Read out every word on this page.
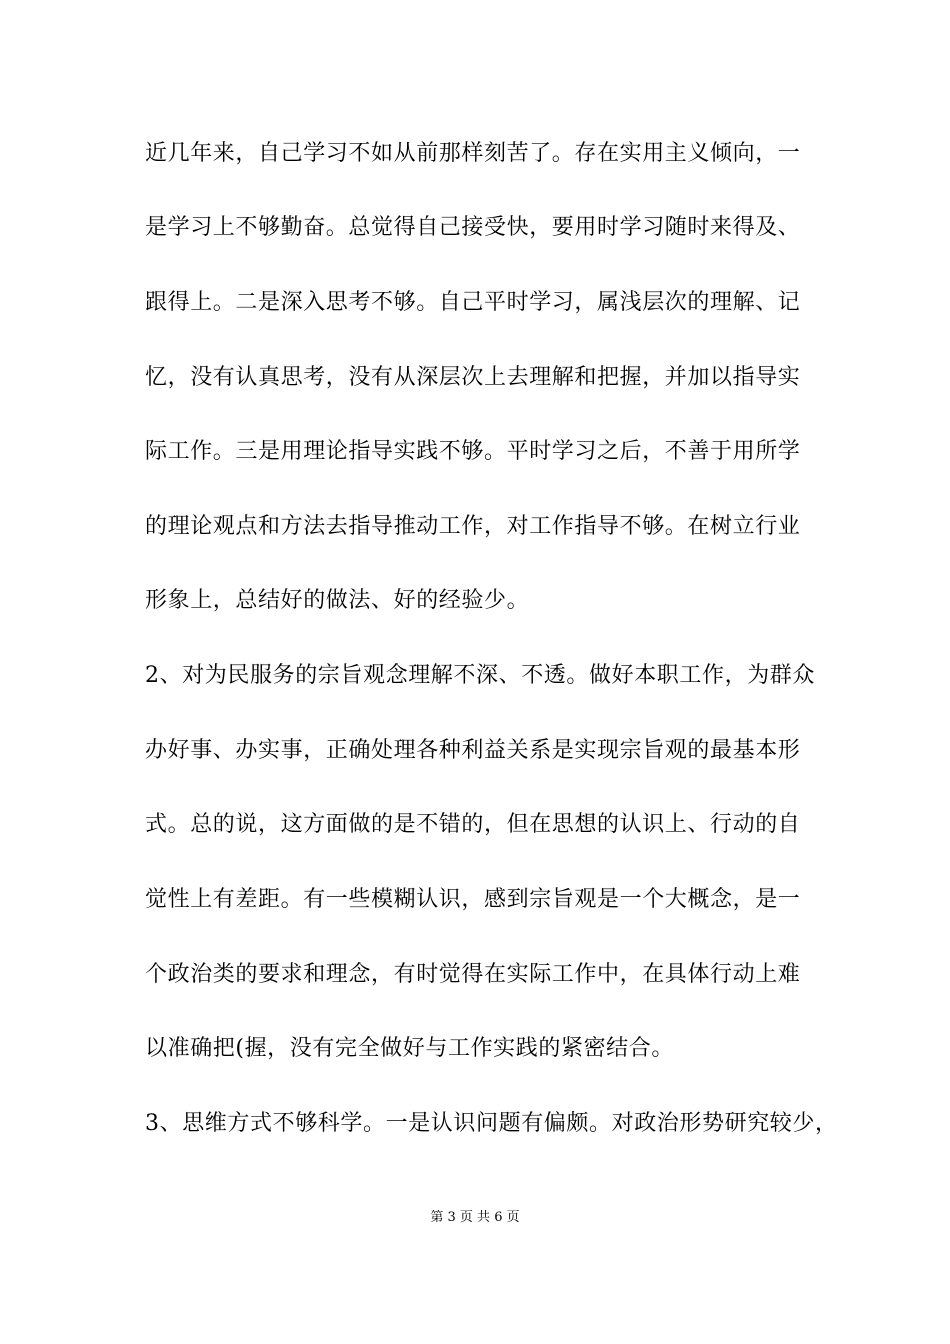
近几年来，自己学习不如从前那样刻苦了。存在实用主义倾向，一
是学习上不够勤奋。总觉得自己接受快，要用时学习随时来得及、
跟得上。二是深入思考不够。自己平时学习，属浅层次的理解、记
忆，没有认真思考，没有从深层次上去理解和把握，并加以指导实
际工作。三是用理论指导实践不够。平时学习之后，不善于用所学
的理论观点和方法去指导推动工作，对工作指导不够。在树立行业
形象上，总结好的做法、好的经验少。
2、对为民服务的宗旨观念理解不深、不透。做好本职工作，为群众
办好事、办实事，正确处理各种利益关系是实现宗旨观的最基本形
式。总的说，这方面做的是不错的，但在思想的认识上、行动的自
觉性上有差距。有一些模糊认识，感到宗旨观是一个大概念，是一
个政治类的要求和理念，有时觉得在实际工作中，在具体行动上难
以准确把(握，没有完全做好与工作实践的紧密结合。
3、思维方式不够科学。一是认识问题有偏颇。对政治形势研究较少，
第 3 页 共 6 页
